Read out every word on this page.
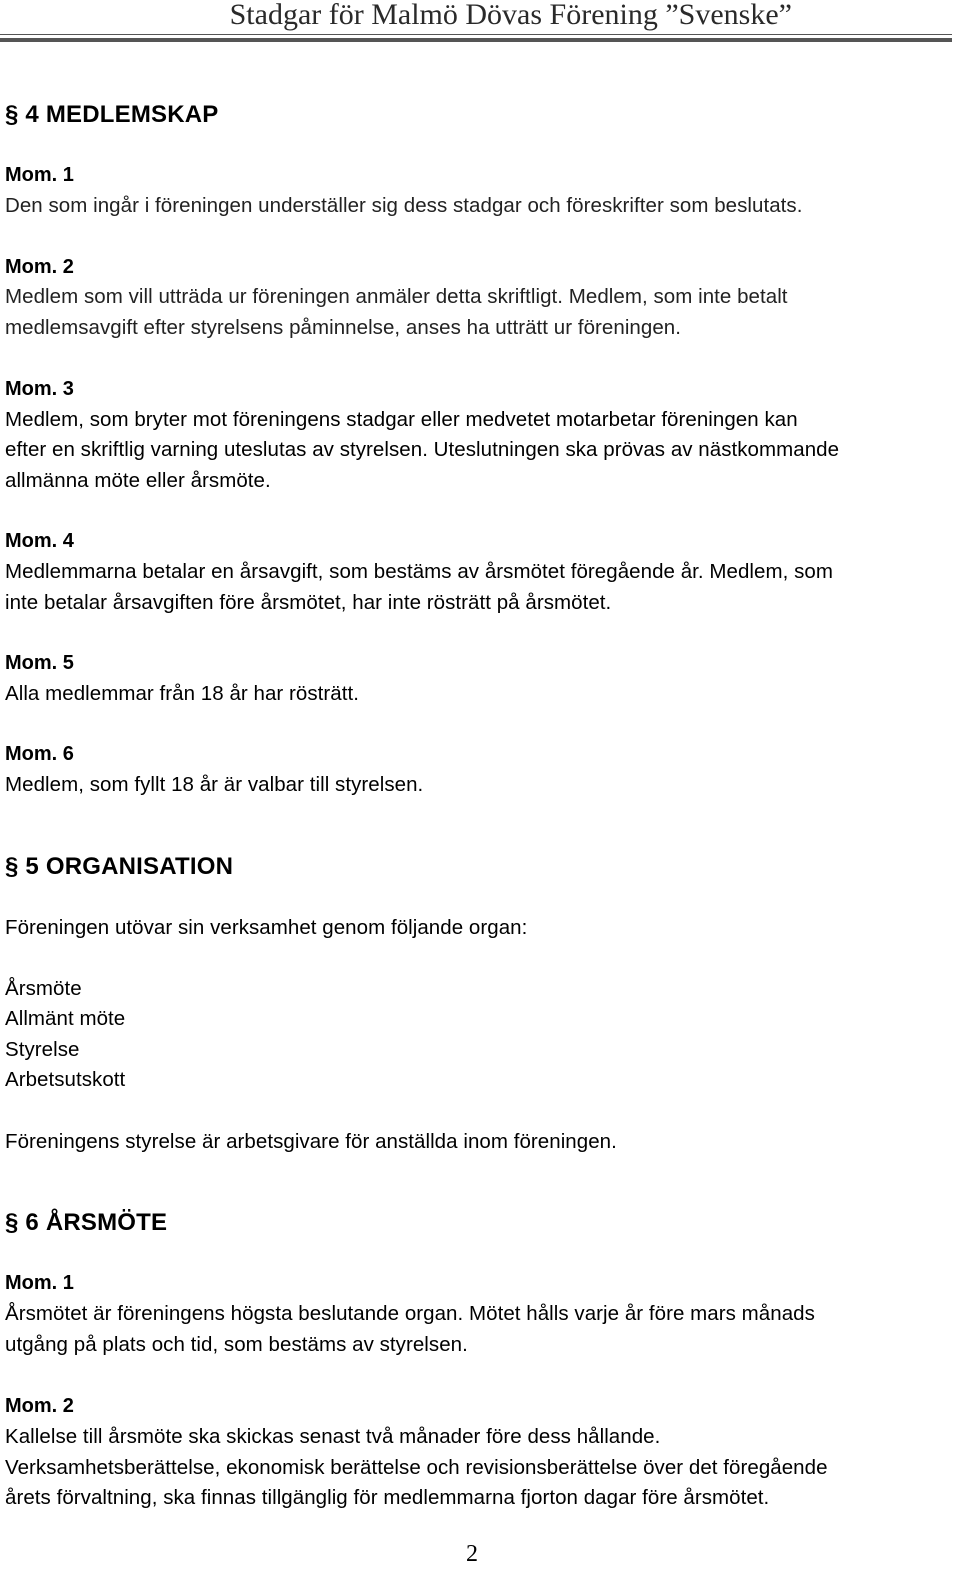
Stadgar för Malmö Dövas Förening ”Svenske”
§ 4 MEDLEMSKAP
Mom. 1
Den som ingår i föreningen underställer sig dess stadgar och föreskrifter som beslutats.
Mom. 2
Medlem som vill utträda ur föreningen anmäler detta skriftligt. Medlem, som inte betalt
medlemsavgift efter styrelsens påminnelse, anses ha utträtt ur föreningen.
Mom. 3
Medlem, som bryter mot föreningens stadgar eller medvetet motarbetar föreningen kan
efter en skriftlig varning uteslutas av styrelsen. Uteslutningen ska prövas av nästkommande
allmänna möte eller årsmöte.
Mom. 4
Medlemmarna betalar en årsavgift, som bestäms av årsmötet föregående år. Medlem, som
inte betalar årsavgiften före årsmötet, har inte rösträtt på årsmötet.
Mom. 5
Alla medlemmar från 18 år har rösträtt.
Mom. 6
Medlem, som fyllt 18 år är valbar till styrelsen.
§ 5 ORGANISATION
Föreningen utövar sin verksamhet genom följande organ:
Årsmöte
Allmänt möte
Styrelse
Arbetsutskott
Föreningens styrelse är arbetsgivare för anställda inom föreningen.
§ 6 ÅRSMÖTE
Mom. 1
Årsmötet är föreningens högsta beslutande organ. Mötet hålls varje år före mars månads
utgång på plats och tid, som bestäms av styrelsen.
Mom. 2
Kallelse till årsmöte ska skickas senast två månader före dess hållande.
Verksamhetsberättelse, ekonomisk berättelse och revisionsberättelse över det föregående
årets förvaltning, ska finnas tillgänglig för medlemmarna fjorton dagar före årsmötet.
2
